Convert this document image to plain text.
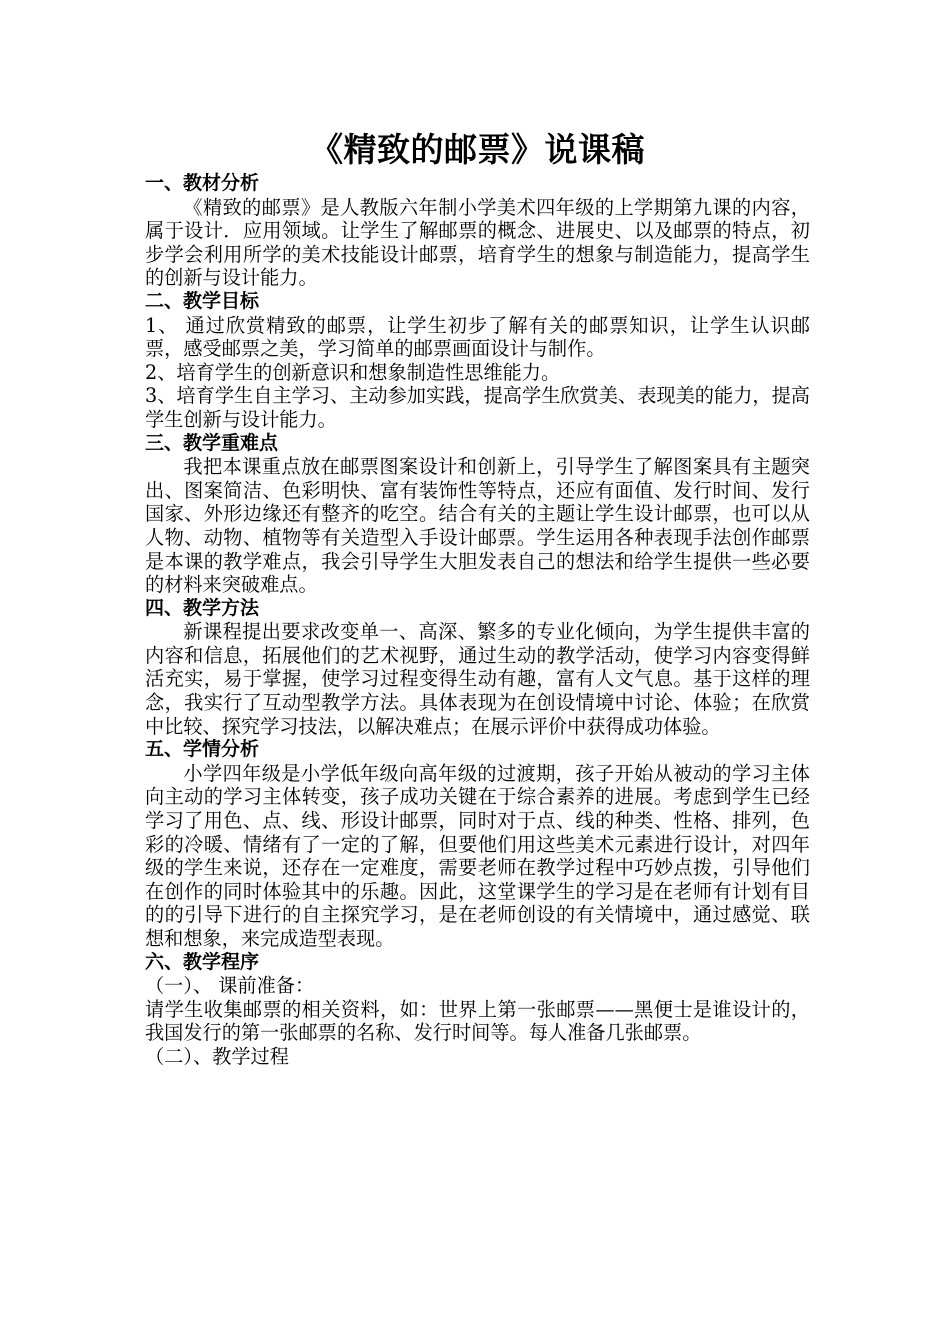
《精致的邮票》说课稿

一、教材分析

《精致的邮票》是人教版六年制小学美术四年级的上学期第九课的内容，属于设计．应用领域。让学生了解邮票的概念、进展史、以及邮票的特点，初步学会利用所学的美术技能设计邮票，培育学生的想象与制造能力，提高学生的创新与设计能力。

二、教学目标

1、 通过欣赏精致的邮票，让学生初步了解有关的邮票知识，让学生认识邮票，感受邮票之美，学习简单的邮票画面设计与制作。

2、培育学生的创新意识和想象制造性思维能力。

3、培育学生自主学习、主动参加实践，提高学生欣赏美、表现美的能力，提高学生创新与设计能力。

三、教学重难点

我把本课重点放在邮票图案设计和创新上，引导学生了解图案具有主题突出、图案简洁、色彩明快、富有装饰性等特点，还应有面值、发行时间、发行国家、外形边缘还有整齐的吃空。结合有关的主题让学生设计邮票，也可以从人物、动物、植物等有关造型入手设计邮票。学生运用各种表现手法创作邮票是本课的教学难点，我会引导学生大胆发表自己的想法和给学生提供一些必要的材料来突破难点。

四、教学方法

新课程提出要求改变单一、高深、繁多的专业化倾向，为学生提供丰富的内容和信息，拓展他们的艺术视野，通过生动的教学活动，使学习内容变得鲜活充实，易于掌握，使学习过程变得生动有趣，富有人文气息。基于这样的理念，我实行了互动型教学方法。具体表现为在创设情境中讨论、体验；在欣赏中比较、探究学习技法，以解决难点；在展示评价中获得成功体验。

五、学情分析

小学四年级是小学低年级向高年级的过渡期，孩子开始从被动的学习主体向主动的学习主体转变，孩子成功关键在于综合素养的进展。考虑到学生已经学习了用色、点、线、形设计邮票，同时对于点、线的种类、性格、排列，色彩的冷暖、情绪有了一定的了解，但要他们用这些美术元素进行设计，对四年级的学生来说，还存在一定难度，需要老师在教学过程中巧妙点拨，引导他们在创作的同时体验其中的乐趣。因此，这堂课学生的学习是在老师有计划有目的的引导下进行的自主探究学习，是在老师创设的有关情境中，通过感觉、联想和想象，来完成造型表现。

六、教学程序

（一）、 课前准备：

请学生收集邮票的相关资料，如：世界上第一张邮票——黑便士是谁设计的，我国发行的第一张邮票的名称、发行时间等。每人准备几张邮票。

（二）、教学过程
